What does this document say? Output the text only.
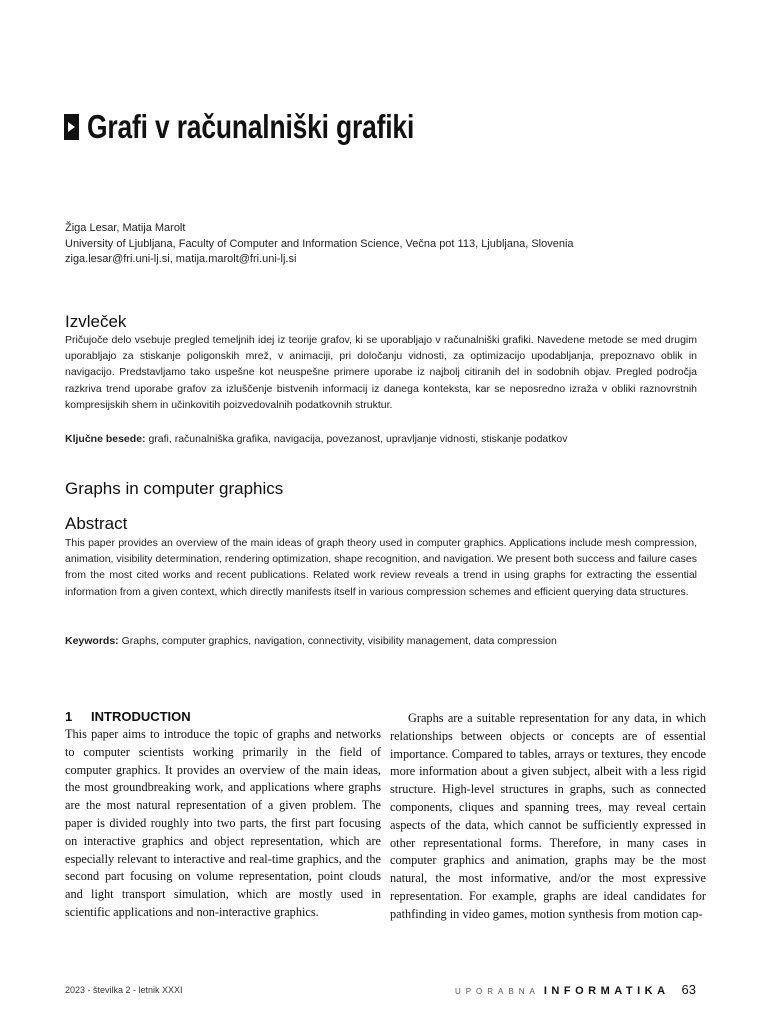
Grafi v računalniški grafiki
Žiga Lesar, Matija Marolt
University of Ljubljana, Faculty of Computer and Information Science, Večna pot 113, Ljubljana, Slovenia
ziga.lesar@fri.uni-lj.si, matija.marolt@fri.uni-lj.si
Izvleček
Pričujoče delo vsebuje pregled temeljnih idej iz teorije grafov, ki se uporabljajo v računalniški grafiki. Navedene metode se med drugim uporabljajo za stiskanje poligonskih mrež, v animaciji, pri določanju vidnosti, za optimizacijo upodabljanja, prepoznavo oblik in navigacijo. Predstavljamo tako uspešne kot neuspešne primere uporabe iz najbolj citiranih del in sodobnih objav. Pregled področja razkriva trend uporabe grafov za izluščenje bistvenih informacij iz danega konteksta, kar se neposredno izraža v obliki raznovrstnih kompresijskih shem in učinkovitih poizvedovalnih podatkovnih struktur.
Ključne besede: grafi, računalniška grafika, navigacija, povezanost, upravljanje vidnosti, stiskanje podatkov
Graphs in computer graphics
Abstract
This paper provides an overview of the main ideas of graph theory used in computer graphics. Applications include mesh compression, animation, visibility determination, rendering optimization, shape recognition, and navigation. We present both success and failure cases from the most cited works and recent publications. Related work review reveals a trend in using graphs for extracting the essential information from a given context, which directly manifests itself in various compression schemes and efficient querying data structures.
Keywords: Graphs, computer graphics, navigation, connectivity, visibility management, data compression
1 INTRODUCTION
This paper aims to introduce the topic of graphs and networks to computer scientists working primarily in the field of computer graphics. It provides an overview of the main ideas, the most groundbreaking work, and applications where graphs are the most natural representation of a given problem. The paper is divided roughly into two parts, the first part focusing on interactive graphics and object representation, which are especially relevant to interactive and real-time graphics, and the second part focusing on volume representation, point clouds and light transport simulation, which are mostly used in scientific applications and non-interactive graphics.
Graphs are a suitable representation for any data, in which relationships between objects or concepts are of essential importance. Compared to tables, arrays or textures, they encode more information about a given subject, albeit with a less rigid structure. High-level structures in graphs, such as connected components, cliques and spanning trees, may reveal certain aspects of the data, which cannot be sufficiently expressed in other representational forms. Therefore, in many cases in computer graphics and animation, graphs may be the most natural, the most informative, and/or the most expressive representation. For example, graphs are ideal candidates for pathfinding in video games, motion synthesis from motion cap-
2023 - številka 2 - letnik XXXI	UPORABNA INFORMATIKA 63
